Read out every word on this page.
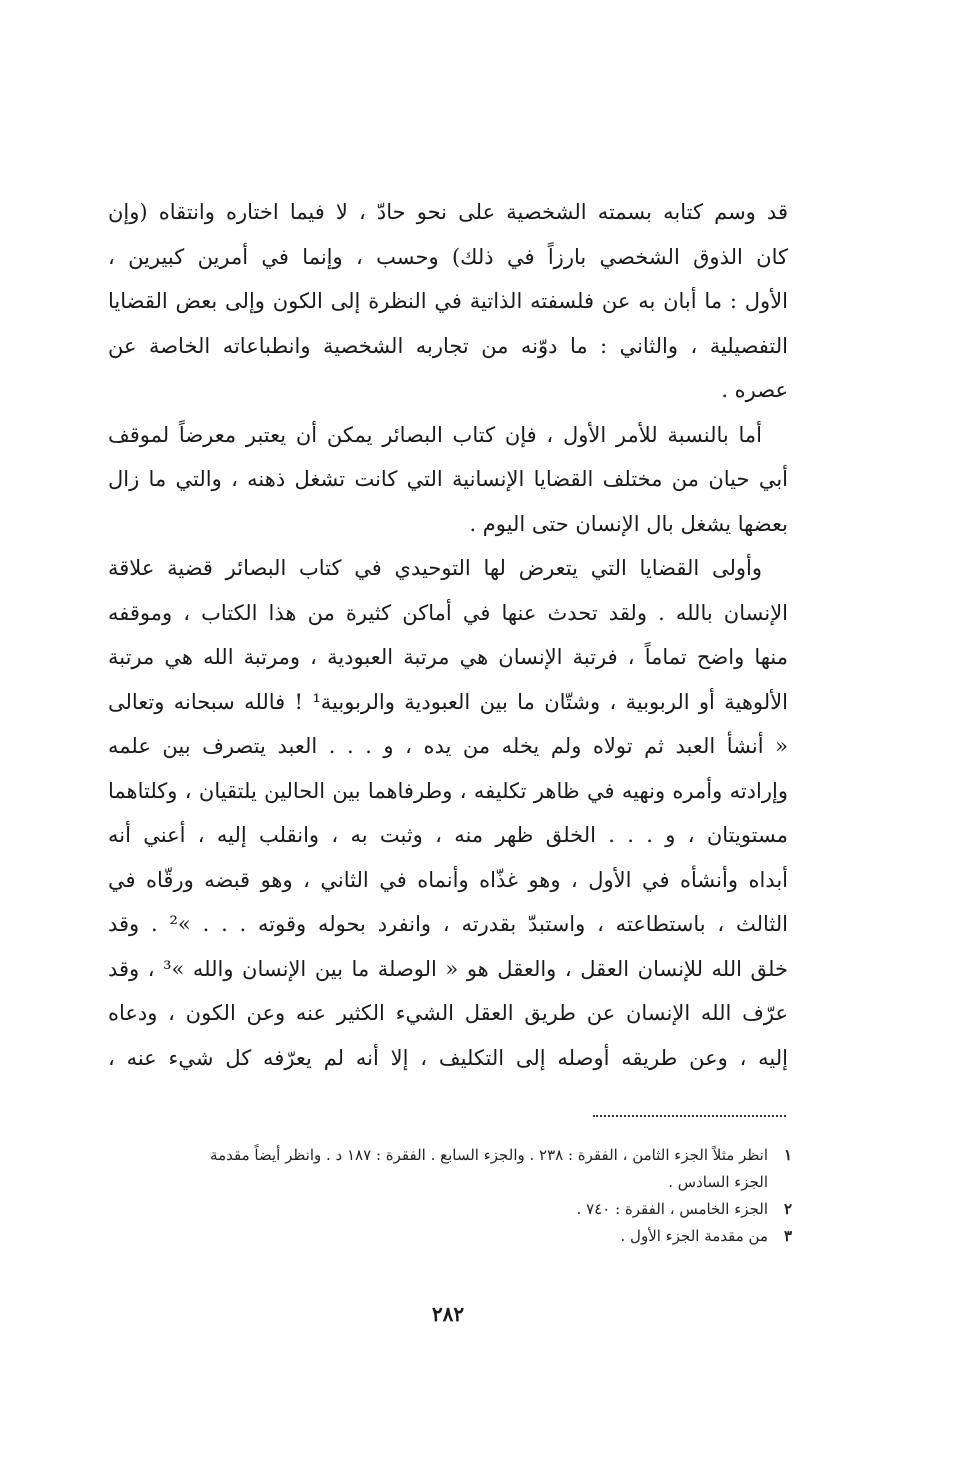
قد وسم كتابه بسمته الشخصية على نحو حادّ ، لا فيما اختاره وانتقاه (وإن
كان الذوق الشخصي بارزاً في ذلك) وحسب ، وإنما في أمرين كبيرين ،
الأول : ما أبان به عن فلسفته الذاتية في النظرة إلى الكون وإلى بعض القضايا
التفصيلية ، والثاني : ما دوّنه من تجاربه الشخصية وانطباعاته الخاصة عن
عصره .

أما بالنسبة للأمر الأول ، فإن كتاب البصائر يمكن أن يعتبر معرضاً لموقف
أبي حيان من مختلف القضايا الإنسانية التي كانت تشغل ذهنه ، والتي ما زال
بعضها يشغل بال الإنسان حتى اليوم .

وأولى القضايا التي يتعرض لها التوحيدي في كتاب البصائر قضية علاقة
الإنسان بالله . ولقد تحدث عنها في أماكن كثيرة من هذا الكتاب ، وموقفه
منها واضح تماماً ، فرتبة الإنسان هي مرتبة العبودية ، ومرتبة الله هي مرتبة
الألوهية أو الربوبية ، وشتّان ما بين العبودية والربوبية¹ ! فالله سبحانه وتعالى
« أنشأ العبد ثم تولاه ولم يخله من يده ، و . . . العبد يتصرف بين علمه
وإرادته وأمره ونهيه في ظاهر تكليفه ، وطرفاهما بين الحالين يلتقيان ، وكلتاهما
مستويتان ، و . . . الخلق ظهر منه ، وثبت به ، وانقلب إليه ، أعني أنه
أبداه وأنشأه في الأول ، وهو غذّاه وأنماه في الثاني ، وهو قبضه ورقّاه في
الثالث ، باستطاعته ، واستبدّ بقدرته ، وانفرد بحوله وقوته . . . »² . وقد
خلق الله للإنسان العقل ، والعقل هو « الوصلة ما بين الإنسان والله »³ ، وقد
عرّف الله الإنسان عن طريق العقل الشيء الكثير عنه وعن الكون ، ودعاه
إليه ، وعن طريقه أوصله إلى التكليف ، إلا أنه لم يعرّفه كل شيء عنه ،

١انظر مثلاً الجزء الثامن ، الفقرة : ٢٣٨ . والجزء السابع . الفقرة : ١٨٧ د . وانظر أيضاً مقدمة
الجزء السادس .
٢الجزء الخامس ، الفقرة : ٧٤٠ .
٣من مقدمة الجزء الأول .
٢٨٢
